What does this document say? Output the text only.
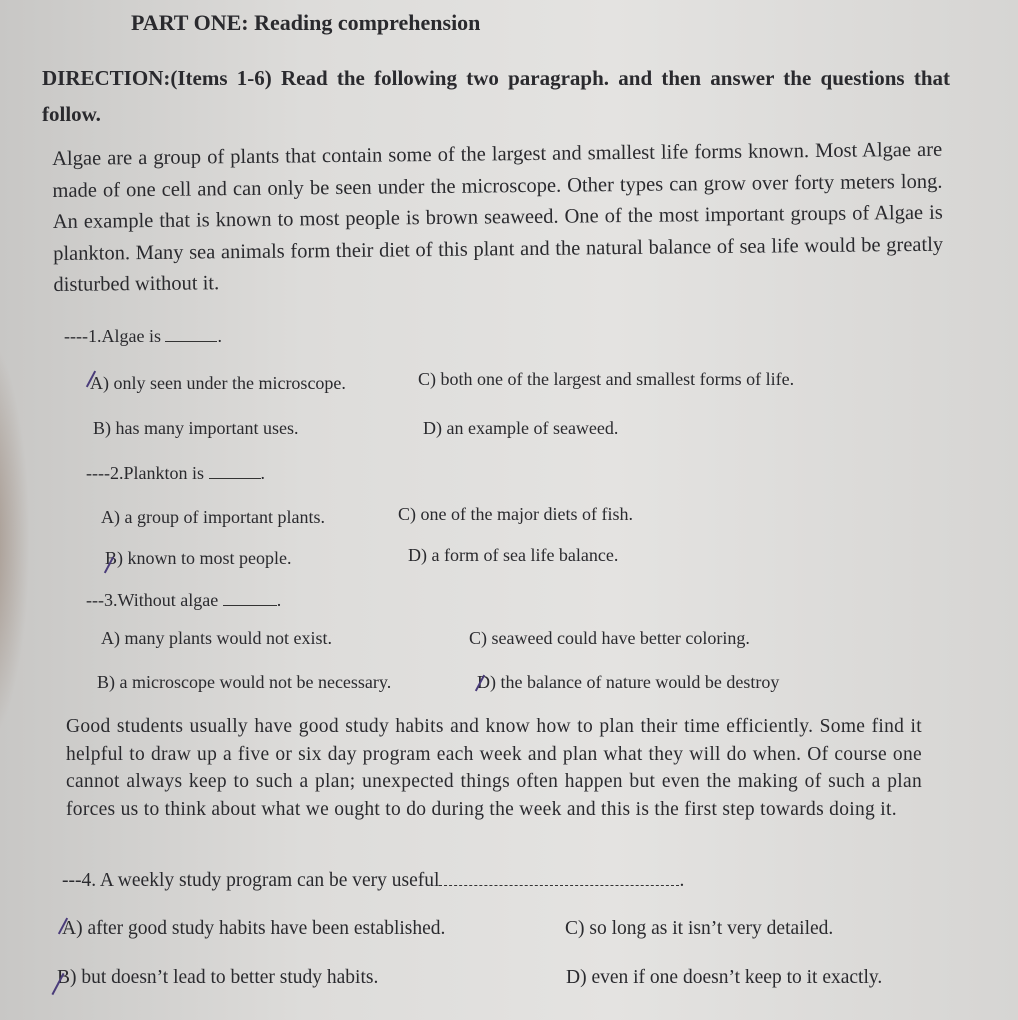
PART ONE: Reading comprehension
DIRECTION:(Items 1-6) Read the following two paragraph. and then answer the questions that follow.
Algae are a group of plants that contain some of the largest and smallest life forms known. Most Algae are made of one cell and can only be seen under the microscope. Other types can grow over forty meters long. An example that is known to most people is brown seaweed. One of the most important groups of Algae is plankton. Many sea animals form their diet of this plant and the natural balance of sea life would be greatly disturbed without it.
----1.Algae is	.
A) only seen under the microscope.	C) both one of the largest and smallest forms of life.
B) has many important uses.	D) an example of seaweed.
----2.Plankton is	.
A) a group of important plants.	C) one of the major diets of fish.
B) known to most people.	D) a form of sea life balance.
---3.Without algae	.
A) many plants would not exist.	C) seaweed could have better coloring.
B) a microscope would not be necessary.	D) the balance of nature would be destroy
Good students usually have good study habits and know how to plan their time efficiently. Some find it helpful to draw up a five or six day program each week and plan what they will do when. Of course one cannot always keep to such a plan; unexpected things often happen but even the making of such a plan forces us to think about what we ought to do during the week and this is the first step towards doing it.
---4. A weekly study program can be very useful	.
A) after good study habits have been established.	C) so long as it isn’t very detailed.
B) but doesn’t lead to better study habits.	D) even if one doesn’t keep to it exactly.
